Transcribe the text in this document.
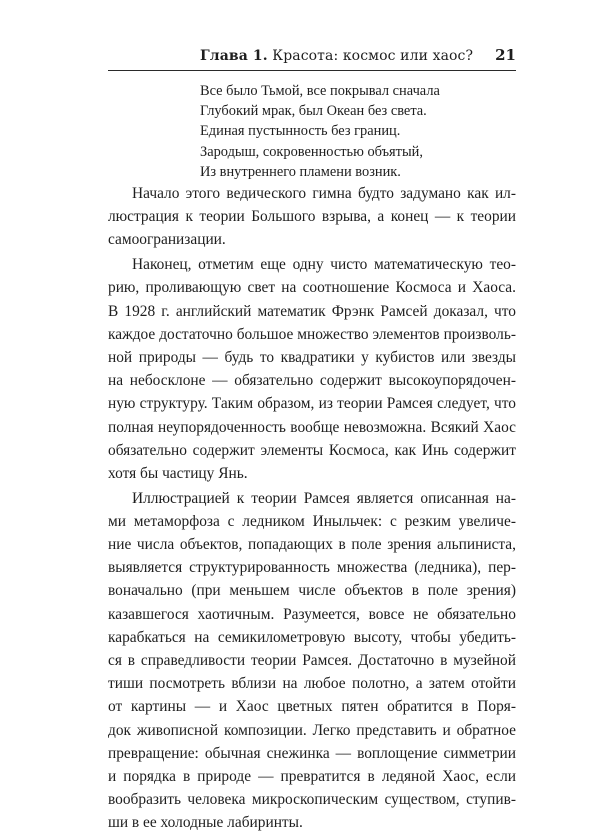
Глава 1. Красота: космос или хаос? 21
Все было Тьмой, все покрывал сначала
Глубокий мрак, был Океан без света.
Единая пустынность без границ.
Зародыш, сокровенностью объятый,
Из внутреннего пламени возник.
Начало этого ведического гимна будто задумано как ил-
люстрация к теории Большого взрыва, а конец — к теории
самоогранизации.
Наконец, отметим еще одну чисто математическую тео-
рию, проливающую свет на соотношение Космоса и Хаоса.
В 1928 г. английский математик Фрэнк Рамсей доказал, что
каждое достаточно большое множество элементов произволь-
ной природы — будь то квадратики у кубистов или звезды
на небосклоне — обязательно содержит высокоупорядочен-
ную структуру. Таким образом, из теории Рамсея следует, что
полная неупорядоченность вообще невозможна. Всякий Хаос
обязательно содержит элементы Космоса, как Инь содержит
хотя бы частицу Янь.
Иллюстрацией к теории Рамсея является описанная на-
ми метаморфоза с ледником Иныльчек: с резким увеличе-
ние числа объектов, попадающих в поле зрения альпиниста,
выявляется структурированность множества (ледника), пер-
воначально (при меньшем числе объектов в поле зрения)
казавшегося хаотичным. Разумеется, вовсе не обязательно
карабкаться на семикилометровую высоту, чтобы убедить-
ся в справедливости теории Рамсея. Достаточно в музейной
тиши посмотреть вблизи на любое полотно, а затем отойти
от картины — и Хаос цветных пятен обратится в Поря-
док живописной композиции. Легко представить и обратное
превращение: обычная снежинка — воплощение симметрии
и порядка в природе — превратится в ледяной Хаос, если
вообразить человека микроскопическим существом, ступив-
ши в ее холодные лабиринты.
